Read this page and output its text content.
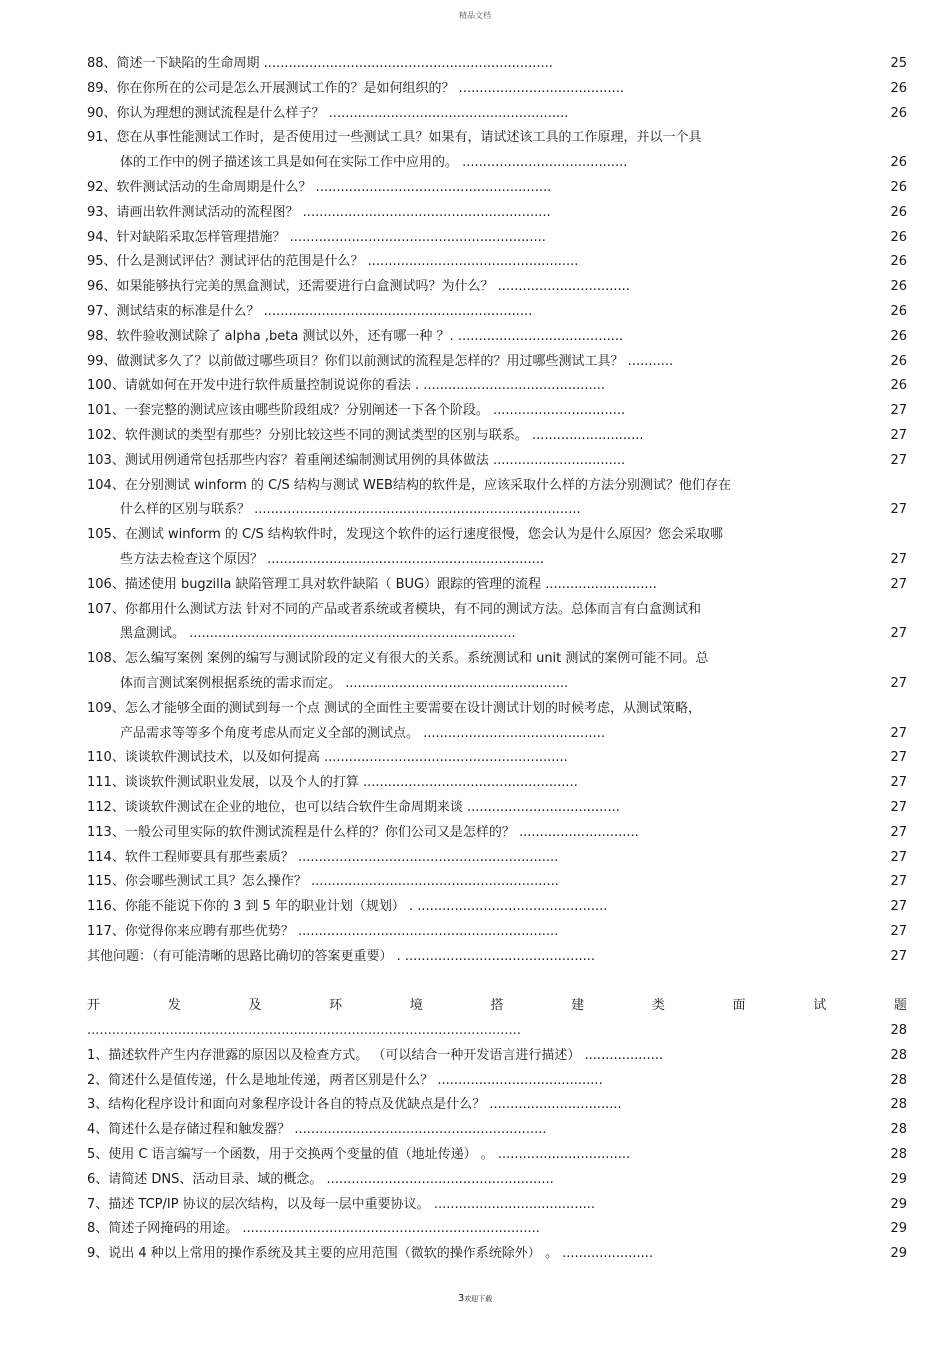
精品文档
88、简述一下缺陷的生命周期 ......................................................................	25
89、你在你所在的公司是怎么开展测试工作的？是如何组织的？ ........................................	26
90、你认为理想的测试流程是什么样子？ ..........................................................	26
91、您在从事性能测试工作时，是否使用过一些测试工具？如果有，请试述该工具的工作原理，并以一个具
体的工作中的例子描述该工具是如何在实际工作中应用的。 ........................................	26
92、软件测试活动的生命周期是什么？ .........................................................	26
93、请画出软件测试活动的流程图？ ............................................................	26
94、针对缺陷采取怎样管理措施？ ..............................................................	26
95、什么是测试评估？测试评估的范围是什么？ ...................................................	26
96、如果能够执行完美的黑盒测试，还需要进行白盒测试吗？为什么？ ................................	26
97、测试结束的标准是什么？ .................................................................	26
98、软件验收测试除了 alpha ,beta 测试以外，还有哪一种 ？. ........................................	26
99、做测试多久了？以前做过哪些项目？你们以前测试的流程是怎样的？用过哪些测试工具？ ...........	26
100、请就如何在开发中进行软件质量控制说说你的看法 . ............................................	26
101、一套完整的测试应该由哪些阶段组成？分别阐述一下各个阶段。 ................................	27
102、软件测试的类型有那些？分别比较这些不同的测试类型的区别与联系。 ...........................	27
103、测试用例通常包括那些内容？着重阐述编制测试用例的具体做法 ................................	27
104、在分别测试 winform 的 C/S 结构与测试 WEB结构的软件是，应该采取什么样的方法分别测试？他们存在
什么样的区别与联系？ ...............................................................................	27
105、在测试 winform 的 C/S 结构软件时，发现这个软件的运行速度很慢，您会认为是什么原因？您会采取哪
些方法去检查这个原因？ ...................................................................	27
106、描述使用 bugzilla 缺陷管理工具对软件缺陷（ BUG）跟踪的管理的流程 ...........................	27
107、你都用什么测试方法 针对不同的产品或者系统或者模块，有不同的测试方法。总体而言有白盒测试和
黑盒测试。 ...............................................................................	27
108、怎么编写案例 案例的编写与测试阶段的定义有很大的关系。系统测试和 unit 测试的案例可能不同。总
体而言测试案例根据系统的需求而定。 ......................................................	27
109、怎么才能够全面的测试到每一个点 测试的全面性主要需要在设计测试计划的时候考虑，从测试策略，
产品需求等等多个角度考虑从而定义全部的测试点。 ............................................	27
110、谈谈软件测试技术，以及如何提高 ...........................................................	27
111、谈谈软件测试职业发展，以及个人的打算 ....................................................	27
112、谈谈软件测试在企业的地位，也可以结合软件生命周期来谈 .....................................	27
113、一般公司里实际的软件测试流程是什么样的？你们公司又是怎样的？ .............................	27
114、软件工程师要具有那些素质？ ...............................................................	27
115、你会哪些测试工具？怎么操作？ ............................................................	27
116、你能不能说下你的 3 到 5 年的职业计划（规划） . ..............................................	27
117、你觉得你来应聘有那些优势？ ...............................................................	27
其他问题：（有可能清晰的思路比确切的答案更重要） . ..............................................	27
开	发	及	环	境	搭	建	类	面	试	题
.........................................................................................................	28
1、描述软件产生内存泄露的原因以及检查方式。 （可以结合一种开发语言进行描述） ...................	28
2、简述什么是值传递，什么是地址传递，两者区别是什么？ ........................................	28
3、结构化程序设计和面向对象程序设计各自的特点及优缺点是什么？ ................................	28
4、简述什么是存储过程和触发器？ .............................................................	28
5、使用 C 语言编写一个函数，用于交换两个变量的值（地址传递） 。 ................................	28
6、请简述 DNS、活动目录、域的概念。 .......................................................	29
7、描述 TCP/IP 协议的层次结构，以及每一层中重要协议。 .......................................	29
8、简述子网掩码的用途。 ........................................................................	29
9、说出 4 种以上常用的操作系统及其主要的应用范围（微软的操作系统除外） 。 ......................	29
3欢迎下载
